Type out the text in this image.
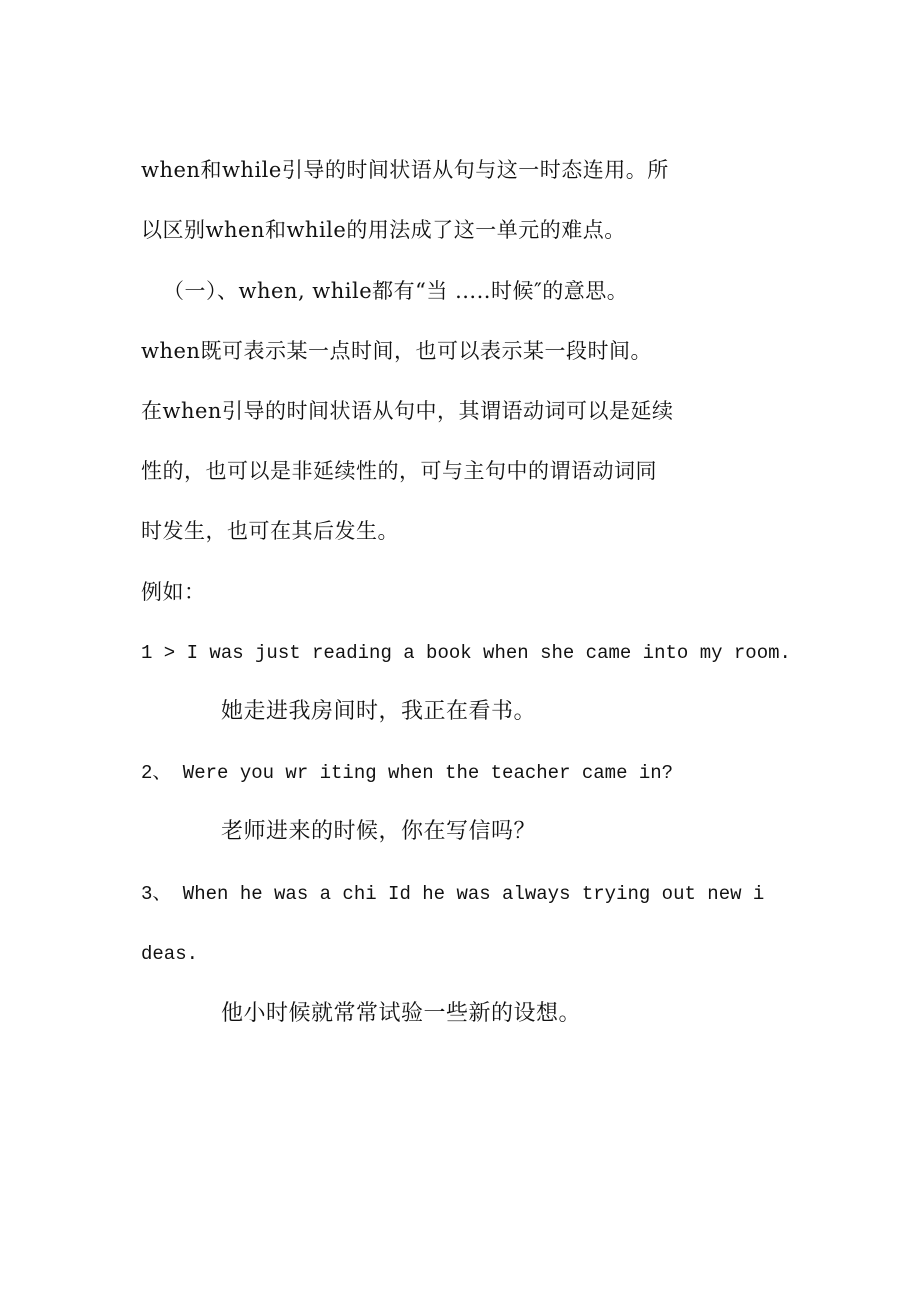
when和while引导的时间状语从句与这一时态连用。所
以区别when和while的用法成了这一单元的难点。
（一）、when, while都有“当 .....时候″的意思。
when既可表示某一点时间，也可以表示某一段时间。
在when引导的时间状语从句中，其谓语动词可以是延续
性的，也可以是非延续性的，可与主句中的谓语动词同
时发生，也可在其后发生。
例如：
1 > I was just reading a book when she came into my room.
她走进我房间时，我正在看书。
2、 Were you wr iting when the teacher came in?
老师进来的时候，你在写信吗？
3、 When he was a chi Id he was always trying out new i
deas.
他小时候就常常试验一些新的设想。
